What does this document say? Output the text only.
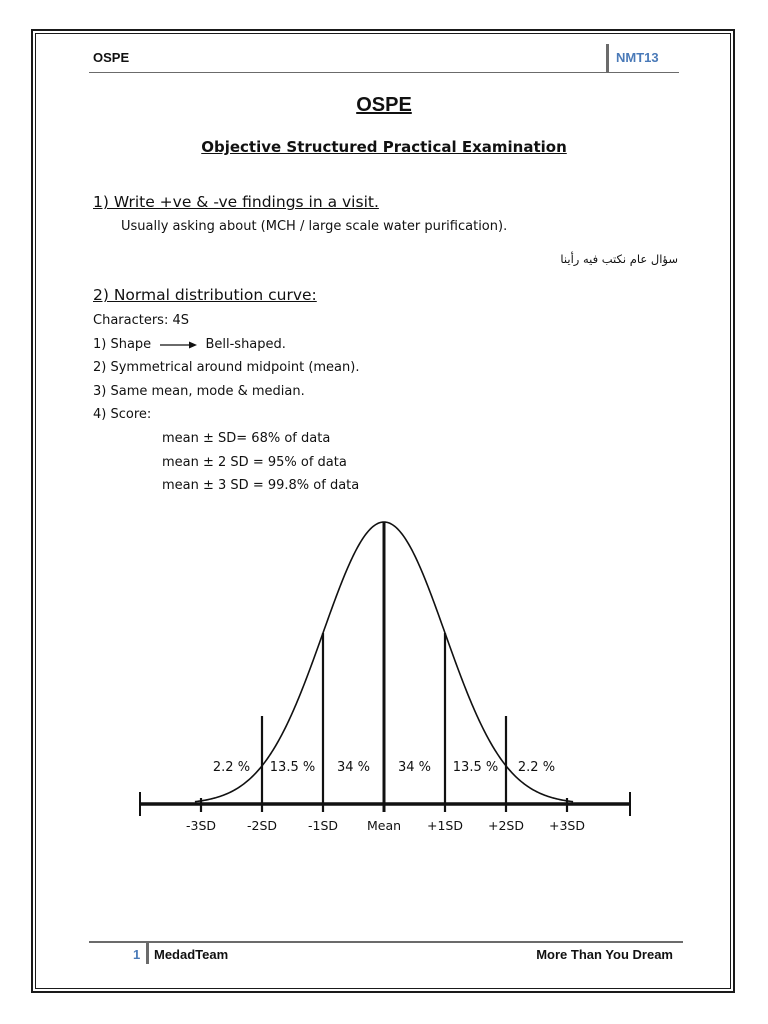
OSPE	NMT13
OSPE
Objective Structured Practical Examination
1) Write +ve & -ve findings in a visit.
Usually asking about (MCH / large scale water purification).
سؤال عام نكتب فيه رأينا
2) Normal distribution curve:
Characters: 4S
1) Shape	Bell-shaped.
2) Symmetrical around midpoint (mean).
3) Same mean, mode & median.
4) Score:
mean ± SD= 68% of data
mean ± 2 SD = 95% of data
mean ± 3 SD = 99.8% of data
2.2 % 13.5 % 34 % 34 % 13.5 % 2.2 %
-3SD -2SD -1SD Mean +1SD +2SD +3SD
1 MedadTeam	More Than You Dream
